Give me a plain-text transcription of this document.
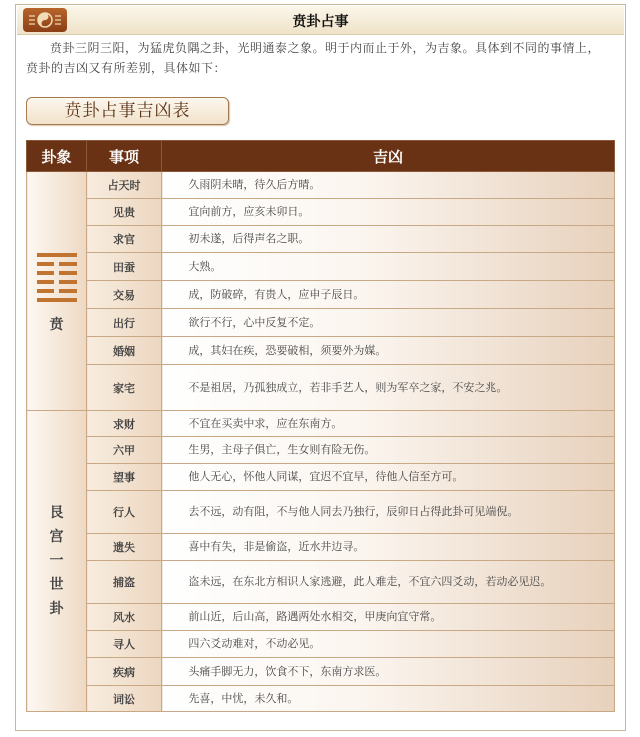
贲卦占事
贲卦三阴三阳，为猛虎负隅之卦，光明通泰之象。明于内而止于外，为吉象。具体到不同的事情上，贲卦的吉凶又有所差别，具体如下：
贲卦占事吉凶表
卦象	事项	吉凶

贲	占天时	久雨阴未晴，待久后方晴。

	见贵	宜向前方，应亥未卯日。

	求官	初未遂，后得声名之职。

	田蚕	大熟。

	交易	成，防破碎，有贵人，应申子辰日。

	出行	欲行不行，心中反复不定。

	婚姻	成，其妇在疾，恐要破相，须要外为媒。

	家宅	不是祖居，乃孤独成立，若非手艺人，则为军卒之家，不安之兆。

艮
宫
一
世
卦	求财	不宜在买卖中求，应在东南方。

	六甲	生男，主母子俱亡，生女则有险无伤。

	望事	他人无心，怀他人同谋，宜迟不宜早，待他人信至方可。

	行人	去不远，动有阻，不与他人同去乃独行，辰卯日占得此卦可见端倪。

	遗失	喜中有失，非是偷盗，近水井边寻。

	捕盗	盗未远，在东北方相识人家逃避，此人难走，不宜六四爻动，若动必见迟。

	风水	前山近，后山高，路遇两处水相交，甲庚向宜守常。

	寻人	四六爻动难对，不动必见。

	疾病	头痛手脚无力，饮食不下，东南方求医。

	词讼	先喜，中忧，未久和。
